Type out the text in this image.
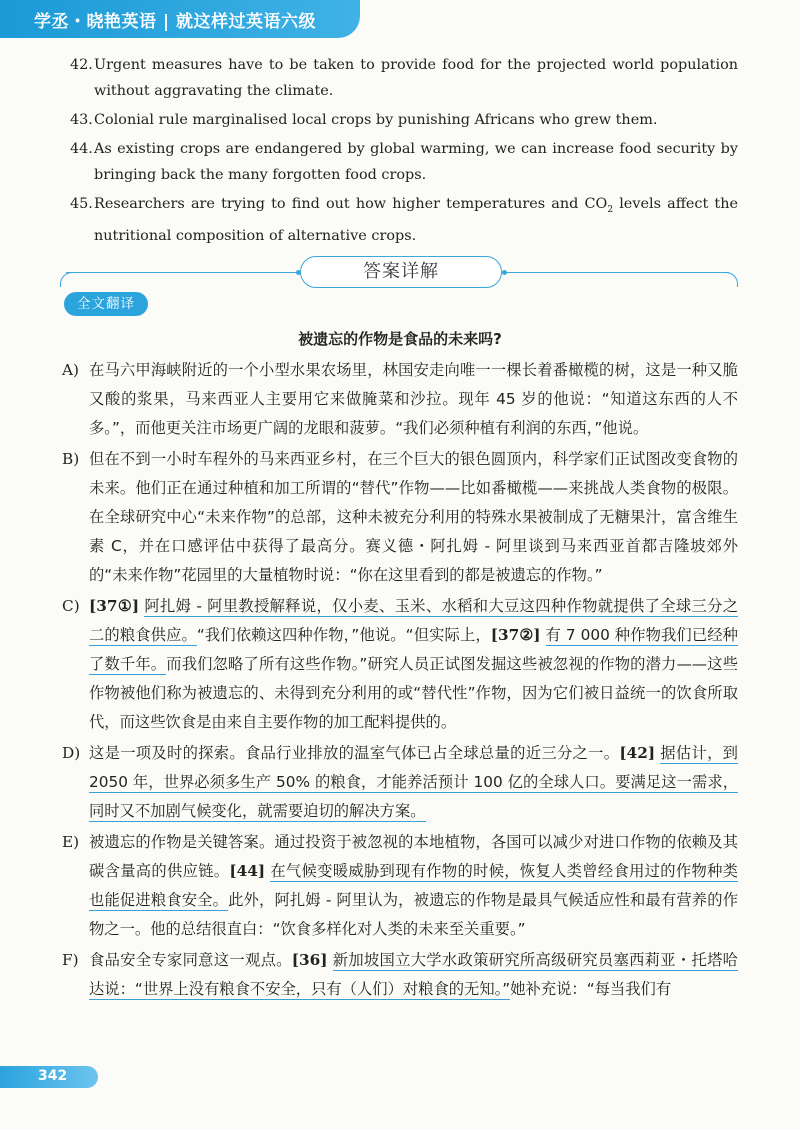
学丞・晓艳英语 | 就这样过英语六级
42. Urgent measures have to be taken to provide food for the projected world population without aggravating the climate.
43. Colonial rule marginalised local crops by punishing Africans who grew them.
44. As existing crops are endangered by global warming, we can increase food security by bringing back the many forgotten food crops.
45. Researchers are trying to find out how higher temperatures and $CO_2$ levels affect the nutritional composition of alternative crops.
答案详解
全文翻译
被遗忘的作物是食品的未来吗?
A) 在马六甲海峡附近的一个小型水果农场里，林国安走向唯一一棵长着番橄榄的树，这是一种又脆又酸的浆果，马来西亚人主要用它来做腌菜和沙拉。现年 45 岁的他说：“知道这东西的人不多。”，而他更关注市场更广阔的龙眼和菠萝。“我们必须种植有利润的东西，”他说。
B) 但在不到一小时车程外的马来西亚乡村，在三个巨大的银色圆顶内，科学家们正试图改变食物的未来。他们正在通过种植和加工所谓的“替代”作物——比如番橄榄——来挑战人类食物的极限。在全球研究中心“未来作物”的总部，这种未被充分利用的特殊水果被制成了无糖果汁，富含维生素 C，并在口感评估中获得了最高分。赛义德・阿扎姆 - 阿里谈到马来西亚首都吉隆坡郊外的“未来作物”花园里的大量植物时说：“你在这里看到的都是被遗忘的作物。”
C) [37①] 阿扎姆 - 阿里教授解释说，仅小麦、玉米、水稻和大豆这四种作物就提供了全球三分之二的粮食供应。“我们依赖这四种作物，”他说。“但实际上，[37②] 有 7 000 种作物我们已经种了数千年。而我们忽略了所有这些作物。”研究人员正试图发掘这些被忽视的作物的潜力——这些作物被他们称为被遗忘的、未得到充分利用的或“替代性”作物，因为它们被日益统一的饮食所取代，而这些饮食是由来自主要作物的加工配料提供的。
D) 这是一项及时的探索。食品行业排放的温室气体已占全球总量的近三分之一。[42] 据估计，到 2050 年，世界必须多生产 50% 的粮食，才能养活预计 100 亿的全球人口。要满足这一需求，同时又不加剧气候变化，就需要迫切的解决方案。
E) 被遗忘的作物是关键答案。通过投资于被忽视的本地植物，各国可以减少对进口作物的依赖及其碳含量高的供应链。[44] 在气候变暖威胁到现有作物的时候，恢复人类曾经食用过的作物种类也能促进粮食安全。此外，阿扎姆 - 阿里认为，被遗忘的作物是最具气候适应性和最有营养的作物之一。他的总结很直白：“饮食多样化对人类的未来至关重要。”
F) 食品安全专家同意这一观点。[36] 新加坡国立大学水政策研究所高级研究员塞西莉亚・托塔哈达说：“世界上没有粮食不安全，只有（人们）对粮食的无知。”她补充说：“每当我们有
342
